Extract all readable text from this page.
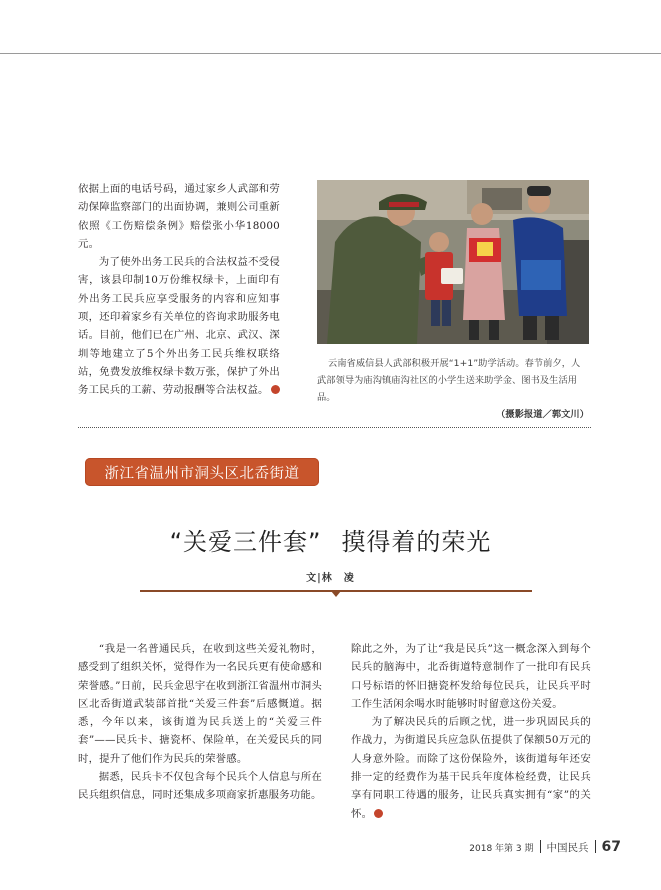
依据上面的电话号码，通过家乡人武部和劳动保障监察部门的出面协调，兼则公司重新依照《工伤赔偿条例》赔偿张小华18000元。

为了使外出务工民兵的合法权益不受侵害，该县印制10万份维权绿卡，上面印有外出务工民兵应享受服务的内容和应知事项，还印着家乡有关单位的咨询求助服务电话。目前，他们已在广州、北京、武汉、深圳等地建立了5个外出务工民兵维权联络站，免费发放维权绿卡数万张，保护了外出务工民兵的工薪、劳动报酬等合法权益。

云南省威信县人武部积极开展“1+1”助学活动。春节前夕，人武部领导为庙沟镇庙沟社区的小学生送来助学金、图书及生活用品。

（摄影报道／郭文川）

浙江省温州市洞头区北岙街道
“关爱三件套” 摸得着的荣光
文|林　凌

“我是一名普通民兵，在收到这些关爱礼物时，感受到了组织关怀，觉得作为一名民兵更有使命感和荣誉感。”日前，民兵金思宇在收到浙江省温州市洞头区北岙街道武装部首批“关爱三件套”后感慨道。据悉，今年以来，该街道为民兵送上的“关爱三件套”——民兵卡、搪瓷杯、保险单，在关爱民兵的同时，提升了他们作为民兵的荣誉感。

据悉，民兵卡不仅包含每个民兵个人信息与所在民兵组织信息，同时还集成多项商家折惠服务功能。

除此之外，为了让“我是民兵”这一概念深入到每个民兵的脑海中，北岙街道特意制作了一批印有民兵口号标语的怀旧搪瓷杯发给每位民兵，让民兵平时工作生活闲余喝水时能够时时留意这份关爱。

为了解决民兵的后顾之忧，进一步巩固民兵的作战力，为街道民兵应急队伍提供了保额50万元的人身意外险。而除了这份保险外，该街道每年还安排一定的经费作为基干民兵年度体检经费，让民兵享有同职工待遇的服务，让民兵真实拥有“家”的关怀。

2018 年第 3 期 中国民兵 67
